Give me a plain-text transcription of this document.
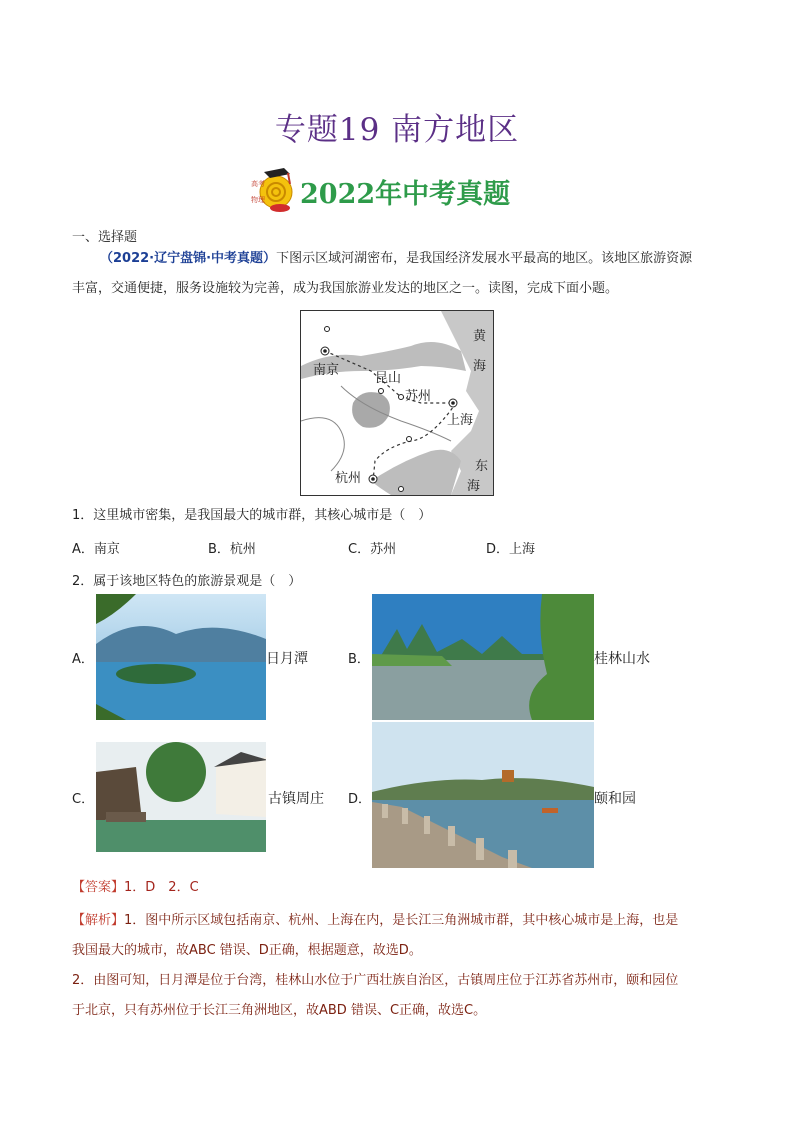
专题19 南方地区
高考
物理 2022年中考真题
一、选择题
（2022·辽宁盘锦·中考真题）下图示区域河湖密布，是我国经济发展水平最高的地区。该地区旅游资源
丰富，交通便捷，服务设施较为完善，成为我国旅游业发达的地区之一。读图，完成下面小题。
黄
海
南京
昆山
苏州
上海
杭州
东
海
1．这里城市密集，是我国最大的城市群，其核心城市是（　）
A．南京	B．杭州	C．苏州	D．上海
2．属于该地区特色的旅游景观是（　）
A．	日月潭	B．	桂林山水
C．	古镇周庄 D．	颐和园
【答案】1．D　2．C
【解析】1．图中所示区域包括南京、杭州、上海在内，是长江三角洲城市群，其中核心城市是上海，也是
我国最大的城市，故ABC 错误、D正确，根据题意，故选D。
2．由图可知，日月潭是位于台湾，桂林山水位于广西壮族自治区，古镇周庄位于江苏省苏州市，颐和园位
于北京，只有苏州位于长江三角洲地区，故ABD 错误、C正确，故选C。
